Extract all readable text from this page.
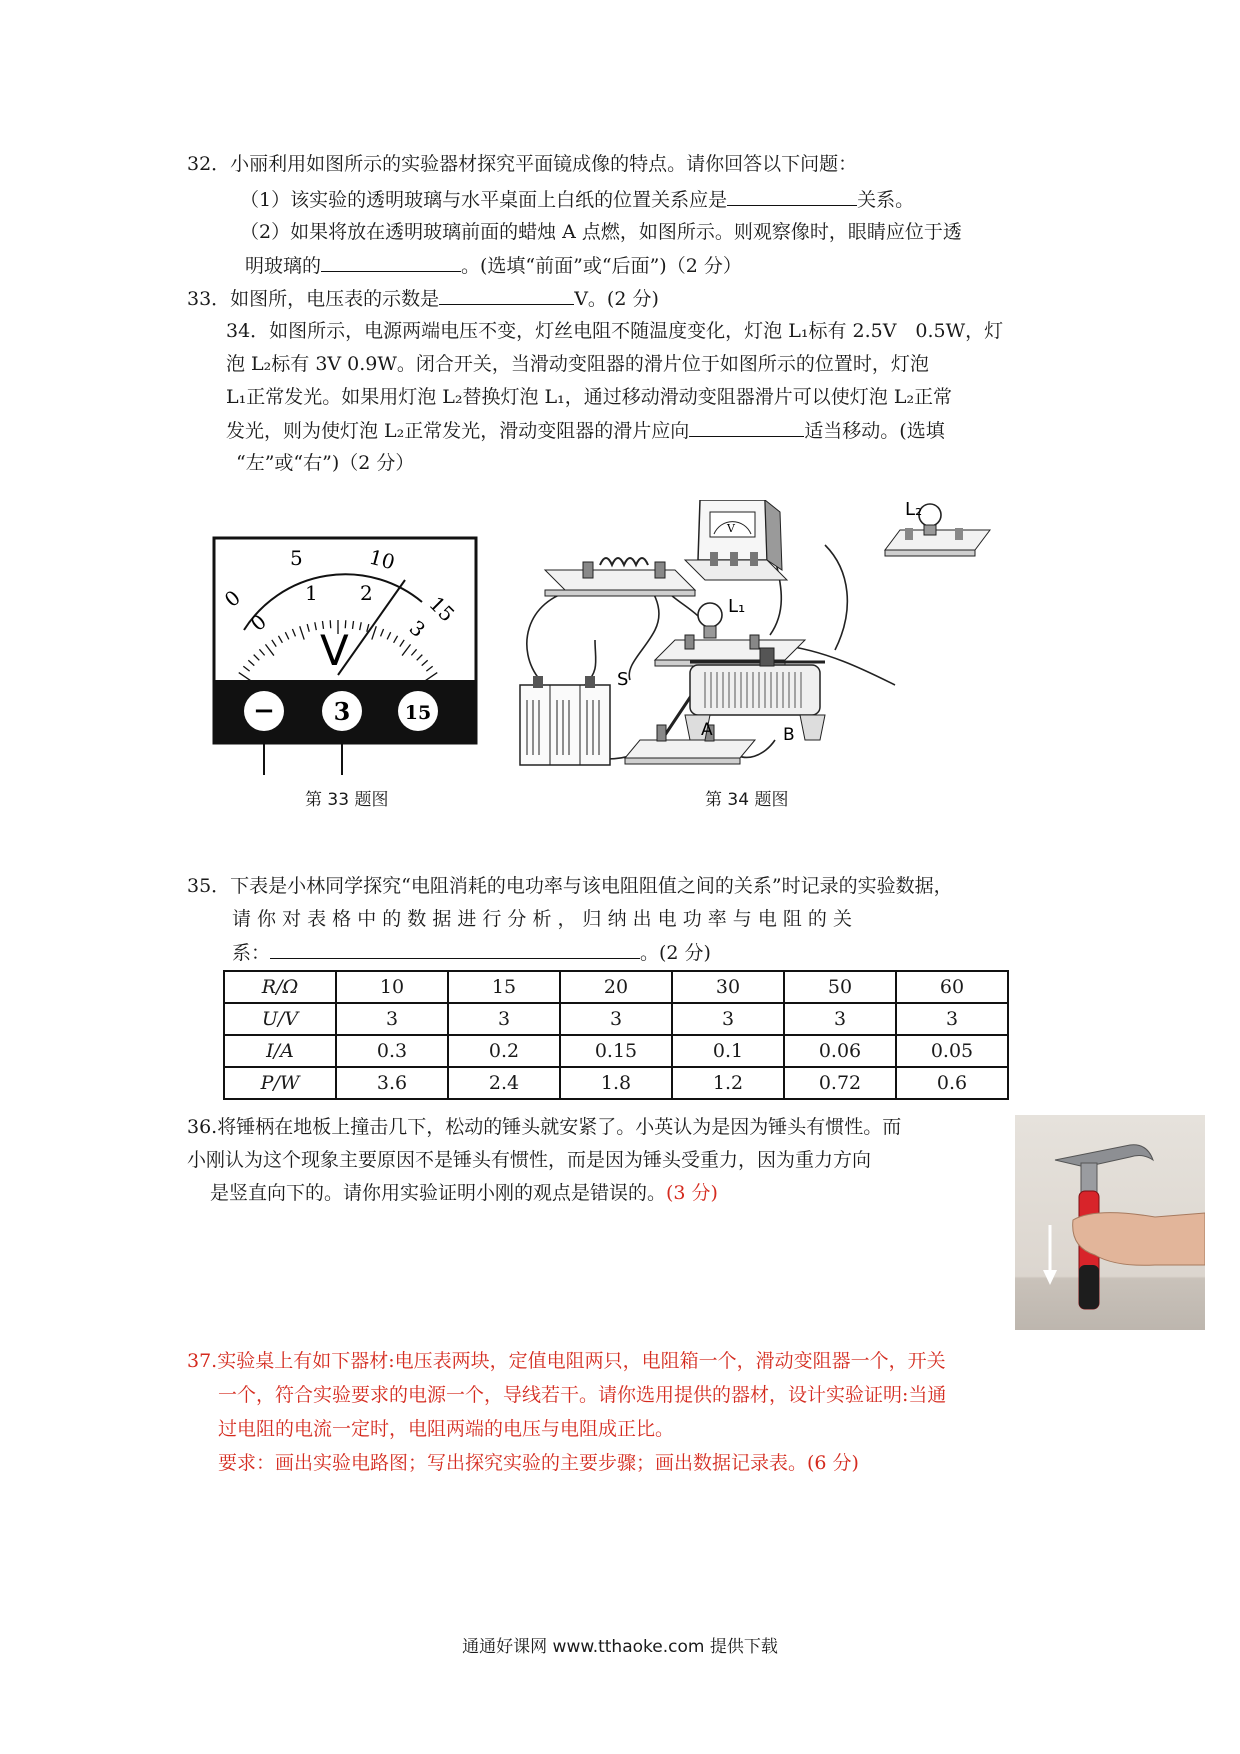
32．小丽利用如图所示的实验器材探究平面镜成像的特点。请你回答以下问题：
（1）该实验的透明玻璃与水平桌面上白纸的位置关系应是	关系。
（2）如果将放在透明玻璃前面的蜡烛 A 点燃，如图所示。则观察像时，眼睛应位于透
明玻璃的	。(选填“前面”或“后面”)（2 分）
33．如图所，电压表的示数是	V。(2 分)
34．如图所示，电源两端电压不变，灯丝电阻不随温度变化，灯泡 L₁标有 2.5V　0.5W，灯
泡 L₂标有 3V 0.9W。闭合开关，当滑动变阻器的滑片位于如图所示的位置时，灯泡
L₁正常发光。如果用灯泡 L₂替换灯泡 L₁，通过移动滑动变阻器滑片可以使灯泡 L₂正常
发光，则为使灯泡 L₂正常发光，滑动变阻器的滑片应向	适当移动。(选填
“左”或“右”)（2 分）
0
5	10
15
0
1 2
3
V
− 3	15
第 33 题图
V
L₁
L₂
S
A	B
第 34 题图
35．下表是小林同学探究“电阻消耗的电功率与该电阻阻值之间的关系”时记录的实验数据，
请 你 对 表 格 中 的 数 据 进 行 分 析 ， 归 纳 出 电 功 率 与 电 阻 的 关
系：	。(2 分)
R/Ω	10	15	20	30	50	60
U/V	3	3	3	3	3	3
I/A	0.3	0.2	0.15	0.1	0.06	0.05
P/W	3.6	2.4	1.8	1.2	0.72	0.6
36.将锤柄在地板上撞击几下，松动的锤头就安紧了。小英认为是因为锤头有惯性。而
小刚认为这个现象主要原因不是锤头有惯性，而是因为锤头受重力，因为重力方向
是竖直向下的。请你用实验证明小刚的观点是错误的。(3 分)
37.实验桌上有如下器材:电压表两块，定值电阻两只，电阻箱一个，滑动变阻器一个，开关
一个，符合实验要求的电源一个，导线若干。请你选用提供的器材，设计实验证明:当通
过电阻的电流一定时，电阻两端的电压与电阻成正比。
要求：画出实验电路图；写出探究实验的主要步骤；画出数据记录表。(6 分)
通通好课网 www.tthaoke.com 提供下载
